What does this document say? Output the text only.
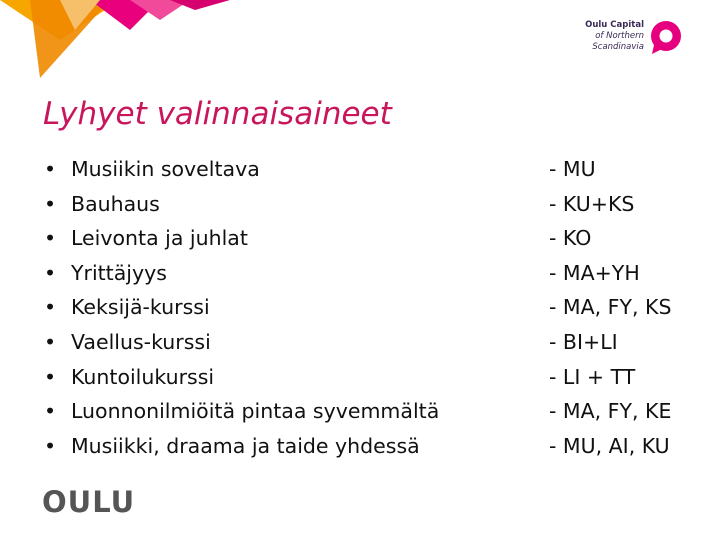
Oulu Capital
of Northern
Scandinavia
Lyhyet valinnaisaineet
• Musiikin soveltava
• Bauhaus
• Leivonta ja juhlat
• Yrittäjyys
• Keksijä-kurssi
• Vaellus-kurssi
• Kuntoilukurssi
• Luonnonilmiöitä pintaa syvemmältä
• Musiikki, draama ja taide yhdessä
- MU
- KU+KS
- KO
- MA+YH
- MA, FY, KS
- BI+LI
- LI + TT
- MA, FY, KE
- MU, AI, KU
OULU
